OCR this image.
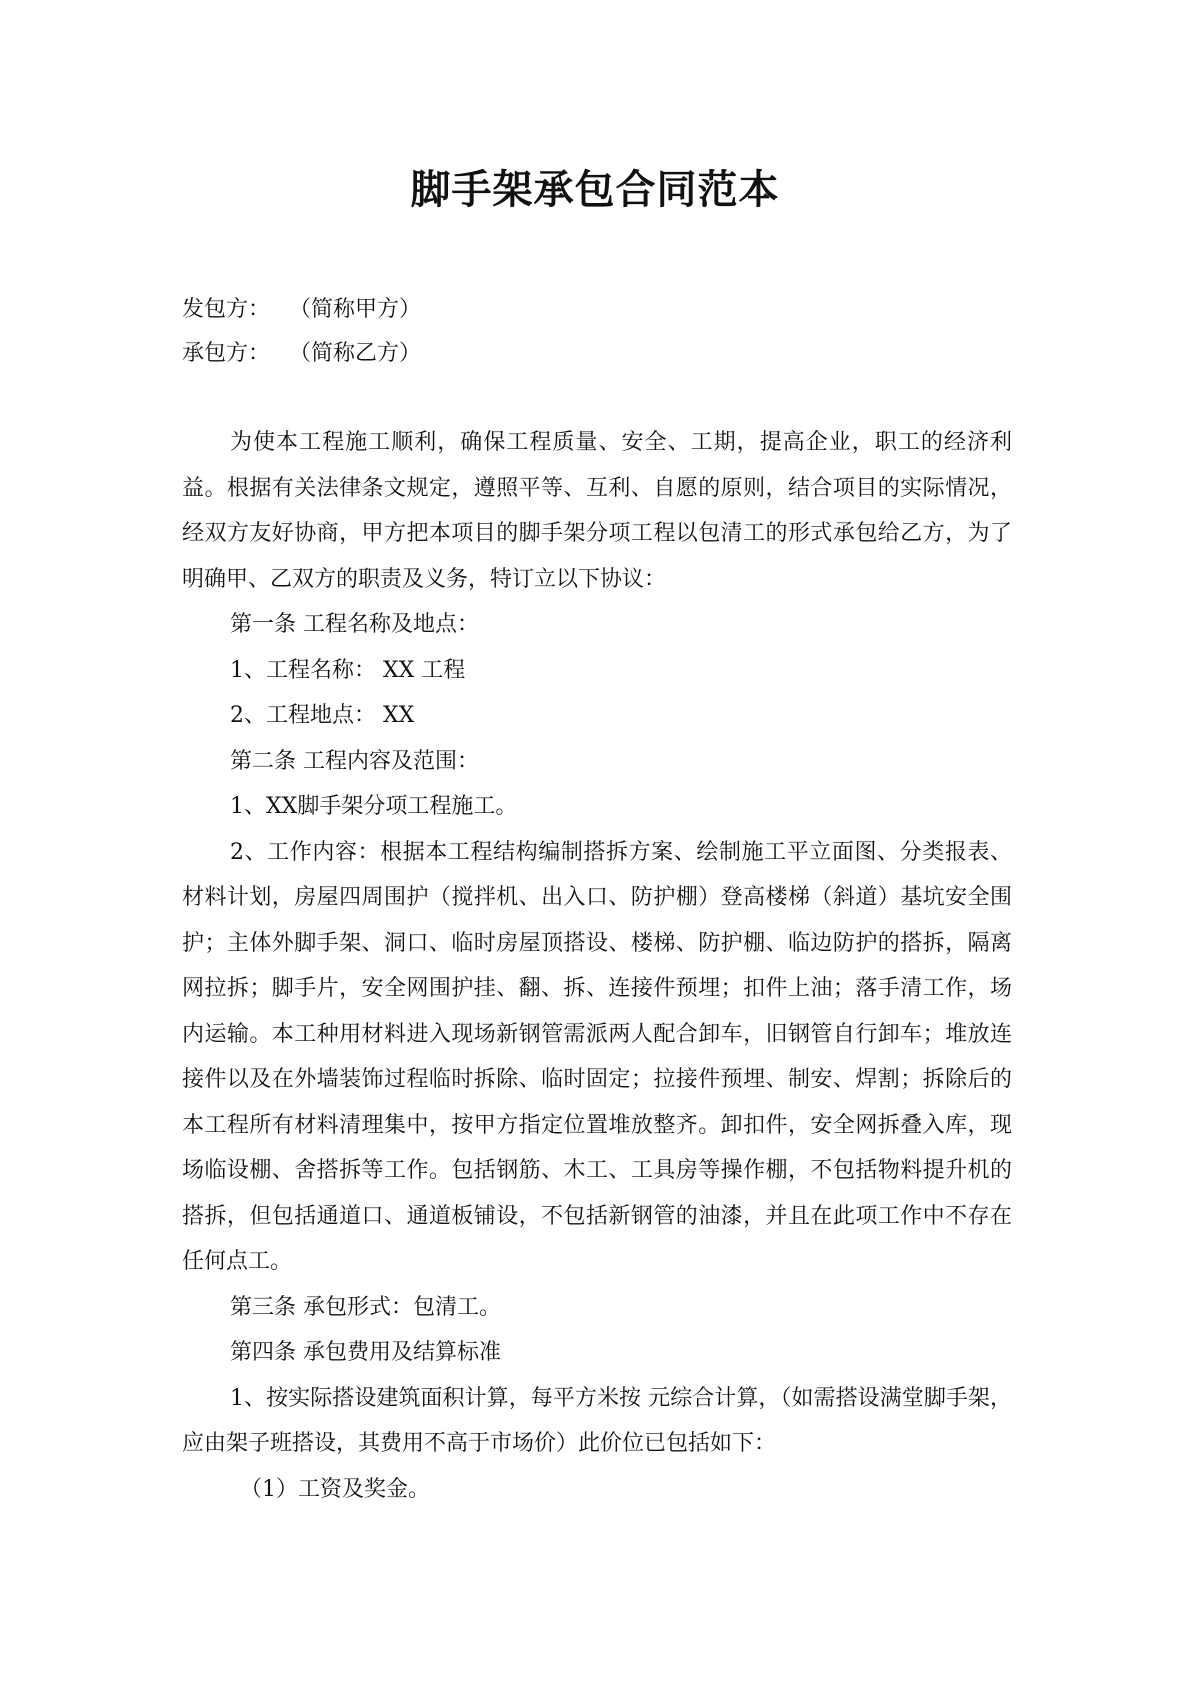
脚手架承包合同范本
发包方： （简称甲方）
承包方： （简称乙方）

为使本工程施工顺利，确保工程质量、安全、工期，提高企业，职工的经济利益。根据有关法律条文规定，遵照平等、互利、自愿的原则，结合项目的实际情况，经双方友好协商，甲方把本项目的脚手架分项工程以包清工的形式承包给乙方，为了明确甲、乙双方的职责及义务，特订立以下协议：

第一条 工程名称及地点：

1、工程名称： XX 工程

2、工程地点： XX

第二条 工程内容及范围：

1、XX脚手架分项工程施工。

2、工作内容：根据本工程结构编制搭拆方案、绘制施工平立面图、分类报表、材料计划，房屋四周围护（搅拌机、出入口、防护棚）登高楼梯（斜道）基坑安全围护；主体外脚手架、洞口、临时房屋顶搭设、楼梯、防护棚、临边防护的搭拆，隔离网拉拆；脚手片，安全网围护挂、翻、拆、连接件预埋；扣件上油；落手清工作，场内运输。本工种用材料进入现场新钢管需派两人配合卸车，旧钢管自行卸车；堆放连接件以及在外墙装饰过程临时拆除、临时固定；拉接件预埋、制安、焊割；拆除后的本工程所有材料清理集中，按甲方指定位置堆放整齐。卸扣件，安全网拆叠入库，现场临设棚、舍搭拆等工作。包括钢筋、木工、工具房等操作棚，不包括物料提升机的搭拆，但包括通道口、通道板铺设，不包括新钢管的油漆，并且在此项工作中不存在任何点工。

第三条 承包形式：包清工。

第四条 承包费用及结算标准

1、按实际搭设建筑面积计算，每平方米按 元综合计算，（如需搭设满堂脚手架，应由架子班搭设，其费用不高于市场价）此价位已包括如下：

（1）工资及奖金。
